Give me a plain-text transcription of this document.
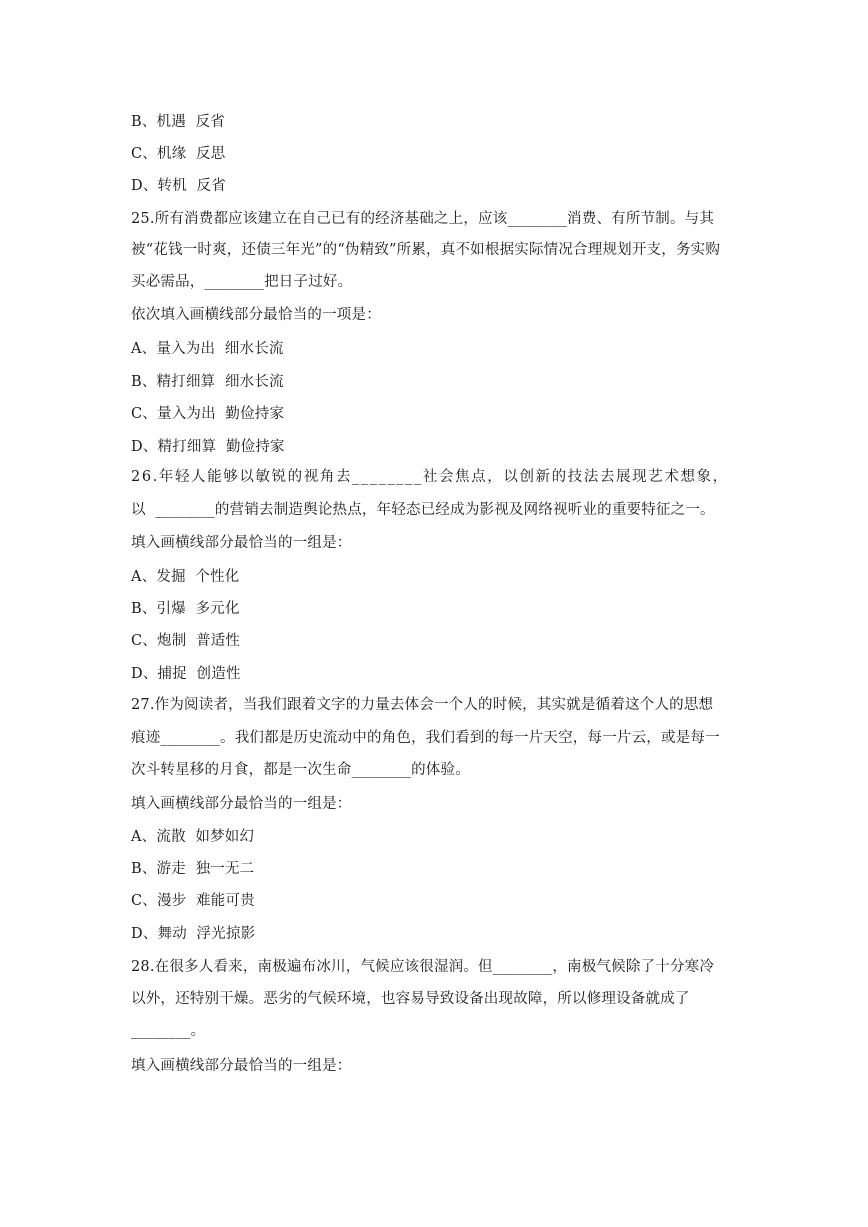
B、机遇  反省
C、机缘  反思
D、转机  反省
25.所有消费都应该建立在自己已有的经济基础之上，应该________消费、有所节制。与其
被“花钱一时爽，还债三年光”的“伪精致”所累，真不如根据实际情况合理规划开支，务实购
买必需品，________把日子过好。
依次填入画横线部分最恰当的一项是：
A、量入为出  细水长流
B、精打细算  细水长流
C、量入为出  勤俭持家
D、精打细算  勤俭持家
26.年轻人能够以敏锐的视角去________社会焦点，以创新的技法去展现艺术想象，
以  ________的营销去制造舆论热点，年轻态已经成为影视及网络视听业的重要特征之一。
填入画横线部分最恰当的一组是：
A、发掘  个性化
B、引爆  多元化
C、炮制  普适性
D、捕捉  创造性
27.作为阅读者，当我们跟着文字的力量去体会一个人的时候，其实就是循着这个人的思想
痕迹________。我们都是历史流动中的角色，我们看到的每一片天空，每一片云，或是每一
次斗转星移的月食，都是一次生命________的体验。
填入画横线部分最恰当的一组是：
A、流散  如梦如幻
B、游走  独一无二
C、漫步  难能可贵
D、舞动  浮光掠影
28.在很多人看来，南极遍布冰川，气候应该很湿润。但________，南极气候除了十分寒冷
以外，还特别干燥。恶劣的气候环境，也容易导致设备出现故障，所以修理设备就成了
________。
填入画横线部分最恰当的一组是：
